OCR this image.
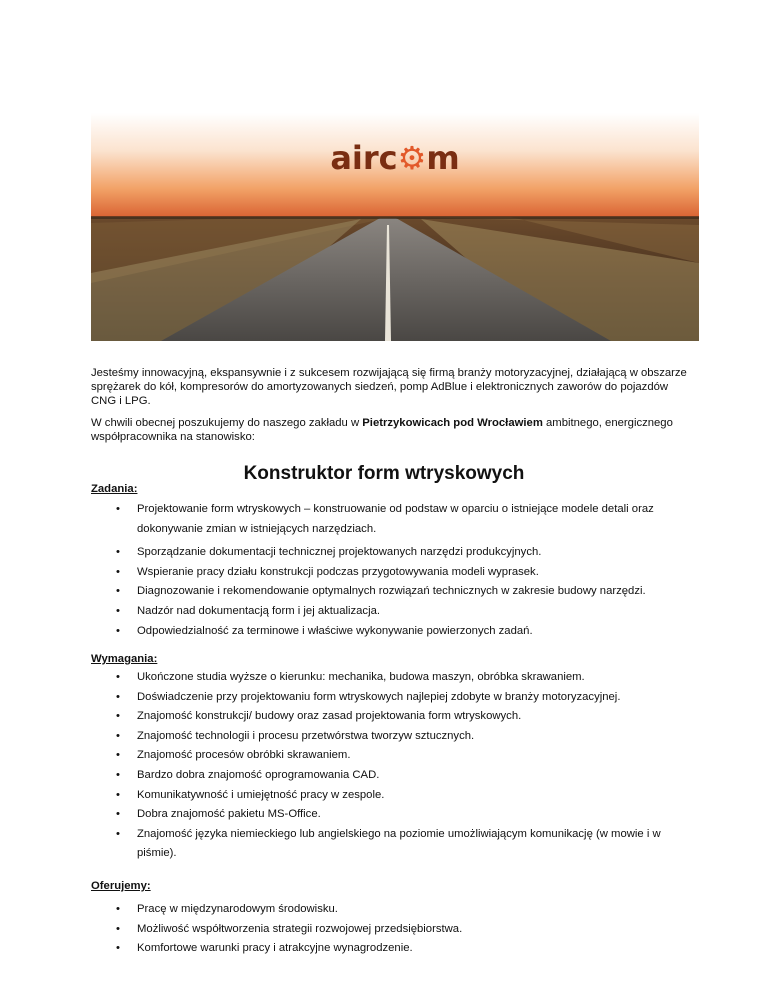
airc⚙m
Jesteśmy innowacyjną, ekspansywnie i z sukcesem rozwijającą się firmą branży motoryzacyjnej, działającą w obszarze sprężarek do kół, kompresorów do amortyzowanych siedzeń, pomp AdBlue i elektronicznych zaworów do pojazdów CNG i LPG.
W chwili obecnej poszukujemy do naszego zakładu w Pietrzykowicach pod Wrocławiem ambitnego, energicznego współpracownika na stanowisko:
Konstruktor form wtryskowych
Zadania:
• Projektowanie form wtryskowych – konstruowanie od podstaw w oparciu o istniejące modele detali oraz dokonywanie zmian w istniejących narzędziach.
• Sporządzanie dokumentacji technicznej projektowanych narzędzi produkcyjnych.
• Wspieranie pracy działu konstrukcji podczas przygotowywania modeli wyprasek.
• Diagnozowanie i rekomendowanie optymalnych rozwiązań technicznych w zakresie budowy narzędzi.
• Nadzór nad dokumentacją form i jej aktualizacja.
• Odpowiedzialność za terminowe i właściwe wykonywanie powierzonych zadań.
Wymagania:
• Ukończone studia wyższe o kierunku: mechanika, budowa maszyn, obróbka skrawaniem.
• Doświadczenie przy projektowaniu form wtryskowych najlepiej zdobyte w branży motoryzacyjnej.
• Znajomość konstrukcji/ budowy oraz zasad projektowania form wtryskowych.
• Znajomość technologii i procesu przetwórstwa tworzyw sztucznych.
• Znajomość procesów obróbki skrawaniem.
• Bardzo dobra znajomość oprogramowania CAD.
• Komunikatywność i umiejętność pracy w zespole.
• Dobra znajomość pakietu MS-Office.
• Znajomość języka niemieckiego lub angielskiego na poziomie umożliwiającym komunikację (w mowie i w piśmie).
Oferujemy:
• Pracę w międzynarodowym środowisku.
• Możliwość współtworzenia strategii rozwojowej przedsiębiorstwa.
• Komfortowe warunki pracy i atrakcyjne wynagrodzenie.
